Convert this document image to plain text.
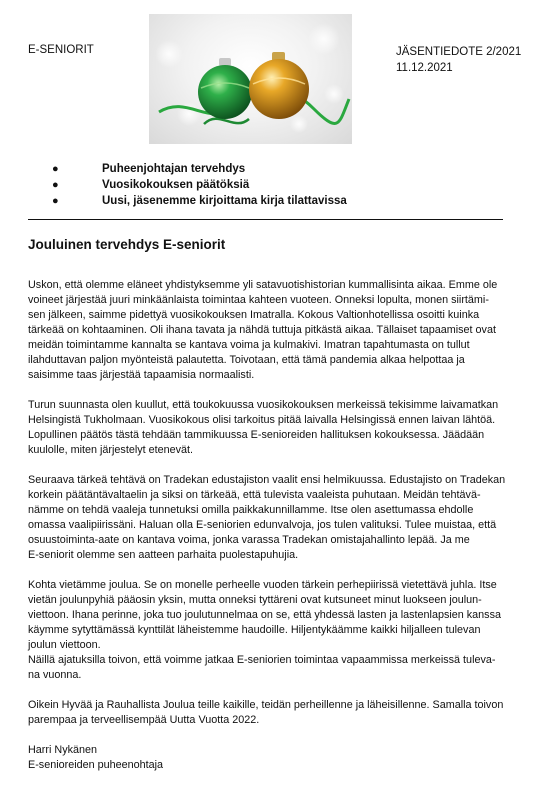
E-SENIORIT	JÄSENTIEDOTE 2/2021
11.12.2021
●	Puheenjohtajan tervehdys
●	Vuosikokouksen päätöksiä
●	Uusi, jäsenemme kirjoittama kirja tilattavissa
Jouluinen tervehdys E-seniorit
Uskon, että olemme eläneet yhdistyksemme yli satavuotishistorian kummallisinta aikaa. Emme ole
voineet järjestää juuri minkäänlaista toimintaa kahteen vuoteen. Onneksi lopulta, monen siirtämi-
sen jälkeen, saimme pidettyä vuosikokouksen Imatralla. Kokous Valtionhotellissa osoitti kuinka
tärkeää on kohtaaminen. Oli ihana tavata ja nähdä tuttuja pitkästä aikaa. Tällaiset tapaamiset ovat
meidän toimintamme kannalta se kantava voima ja kulmakivi. Imatran tapahtumasta on tullut
ilahduttavan paljon myönteistä palautetta. Toivotaan, että tämä pandemia alkaa helpottaa ja
saisimme taas järjestää tapaamisia normaalisti.
Turun suunnasta olen kuullut, että toukokuussa vuosikokouksen merkeissä tekisimme laivamatkan
Helsingistä Tukholmaan. Vuosikokous olisi tarkoitus pitää laivalla Helsingissä ennen laivan lähtöä.
Lopullinen päätös tästä tehdään tammikuussa E-senioreiden hallituksen kokouksessa. Jäädään
kuulolle, miten järjestelyt etenevät.
Seuraava tärkeä tehtävä on Tradekan edustajiston vaalit ensi helmikuussa. Edustajisto on Tradekan
korkein päätäntävaltaelin ja siksi on tärkeää, että tulevista vaaleista puhutaan. Meidän tehtävä-
nämme on tehdä vaaleja tunnetuksi omilla paikkakunnillamme. Itse olen asettumassa ehdolle
omassa vaalipiirissäni. Haluan olla E-seniorien edunvalvoja, jos tulen valituksi. Tulee muistaa, että
osuustoiminta-aate on kantava voima, jonka varassa Tradekan omistajahallinto lepää. Ja me
E-seniorit olemme sen aatteen parhaita puolestapuhujia.
Kohta vietämme joulua. Se on monelle perheelle vuoden tärkein perhepiirissä vietettävä juhla. Itse
vietän joulunpyhiä pääosin yksin, mutta onneksi tyttäreni ovat kutsuneet minut luokseen joulun-
viettoon. Ihana perinne, joka tuo joulutunnelmaa on se, että yhdessä lasten ja lastenlapsien kanssa
käymme sytyttämässä kynttilät läheistemme haudoille. Hiljentykäämme kaikki hiljalleen tulevan
joulun viettoon.
Näillä ajatuksilla toivon, että voimme jatkaa E-seniorien toimintaa vapaammissa merkeissä tuleva-
na vuonna.
Oikein Hyvää ja Rauhallista Joulua teille kaikille, teidän perheillenne ja läheisillenne. Samalla toivon
parempaa ja terveellisempää Uutta Vuotta 2022.
Harri Nykänen
E-senioreiden puheenohtaja
